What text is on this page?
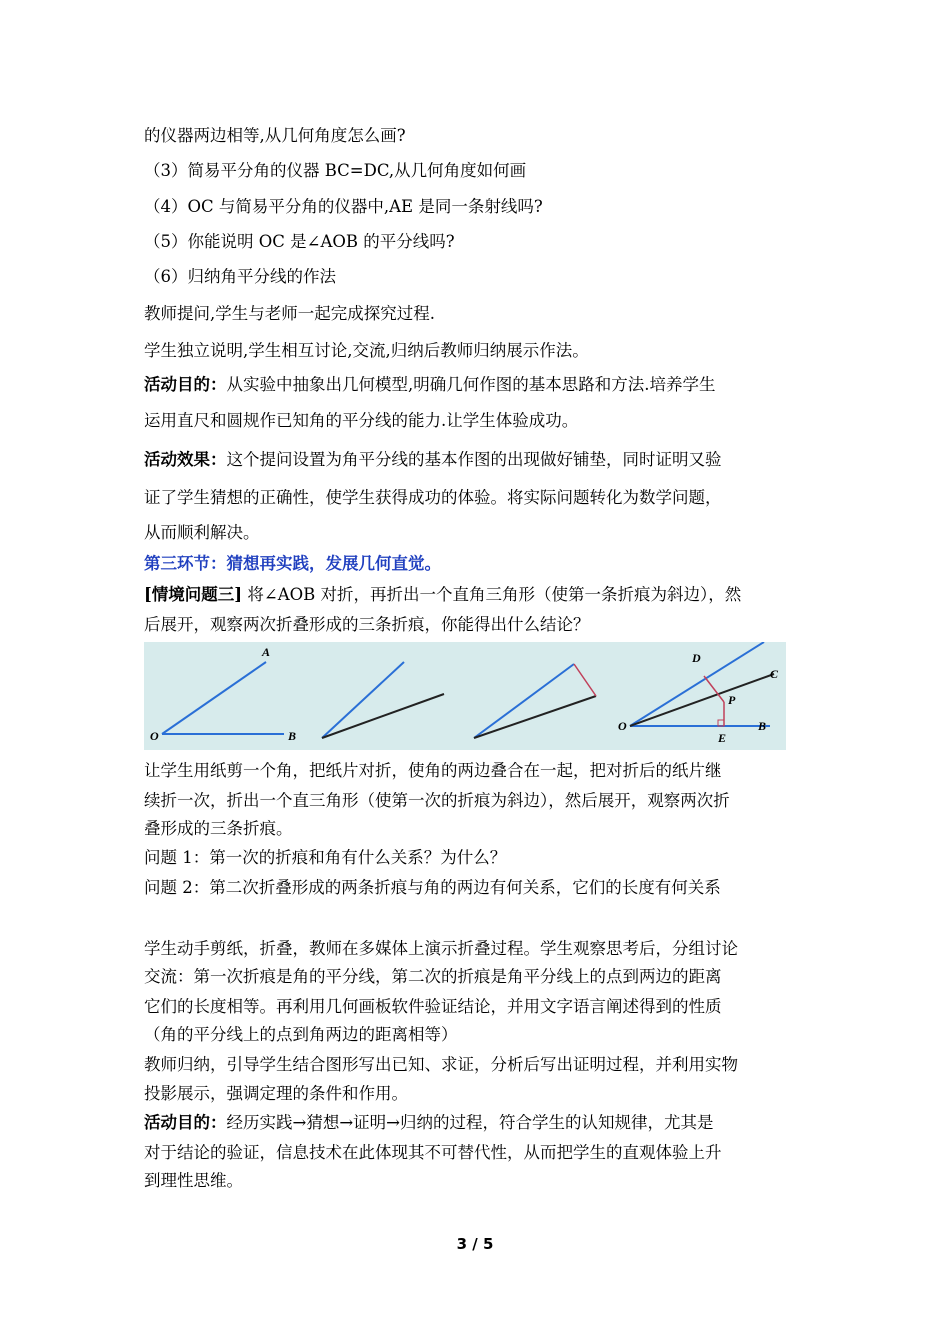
的仪器两边相等,从几何角度怎么画?
（3）简易平分角的仪器 BC=DC,从几何角度如何画
（4）OC 与简易平分角的仪器中,AE 是同一条射线吗?
（5）你能说明 OC 是∠AOB 的平分线吗?
（6）归纳角平分线的作法
教师提问,学生与老师一起完成探究过程.
学生独立说明,学生相互讨论,交流,归纳后教师归纳展示作法。
活动目的：从实验中抽象出几何模型,明确几何作图的基本思路和方法.培养学生
运用直尺和圆规作已知角的平分线的能力.让学生体验成功。
活动效果：这个提问设置为角平分线的基本作图的出现做好铺垫，同时证明又验
证了学生猜想的正确性，使学生获得成功的体验。将实际问题转化为数学问题，
从而顺利解决。
第三环节：猜想再实践，发展几何直觉。
[情境问题三] 将∠AOB 对折，再折出一个直角三角形（使第一条折痕为斜边），然
后展开，观察两次折叠形成的三条折痕，你能得出什么结论？
O
A
B
D
C
P
O
E
B
让学生用纸剪一个角，把纸片对折，使角的两边叠合在一起，把对折后的纸片继
续折一次，折出一个直三角形（使第一次的折痕为斜边），然后展开，观察两次折
叠形成的三条折痕。
问题 1：第一次的折痕和角有什么关系？为什么？
问题 2：第二次折叠形成的两条折痕与角的两边有何关系，它们的长度有何关系
学生动手剪纸，折叠，教师在多媒体上演示折叠过程。学生观察思考后，分组讨论
交流：第一次折痕是角的平分线，第二次的折痕是角平分线上的点到两边的距离
它们的长度相等。再利用几何画板软件验证结论，并用文字语言阐述得到的性质
（角的平分线上的点到角两边的距离相等）
教师归纳，引导学生结合图形写出已知、求证，分析后写出证明过程，并利用实物
投影展示，强调定理的条件和作用。
活动目的：经历实践→猜想→证明→归纳的过程，符合学生的认知规律，尤其是
对于结论的验证，信息技术在此体现其不可替代性，从而把学生的直观体验上升
到理性思维。
3 / 5
